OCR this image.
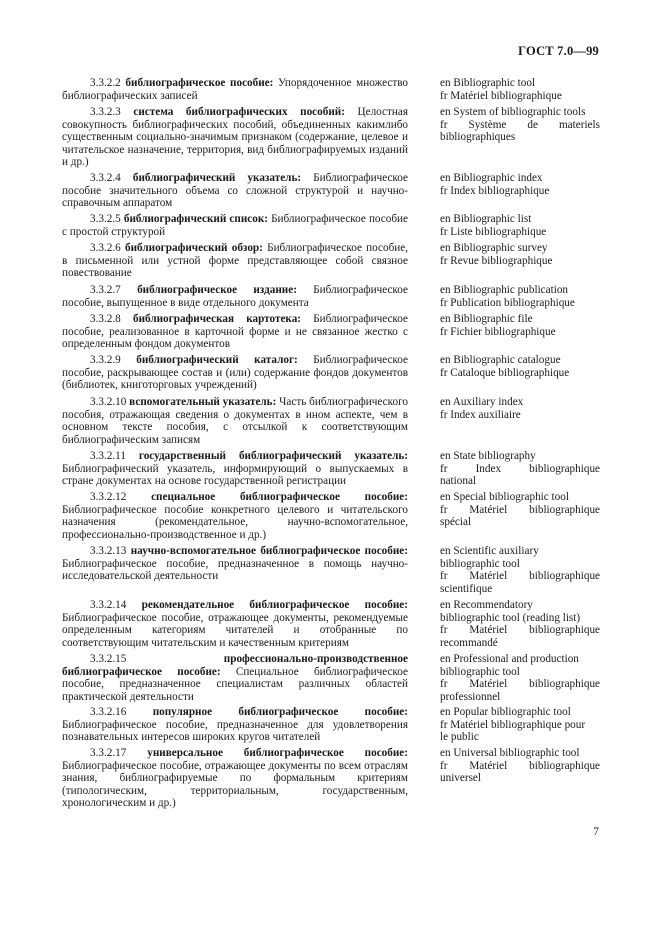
ГОСТ 7.0—99
3.3.2.2 библиографическое пособие: Упорядоченное множество библиографических записей
en Bibliographic tool
fr Matériel bibliographique
3.3.2.3 система библиографических пособий: Целостная совокупность библиографических пособий, объединенных какимлибо существенным социально-значимым признаком (содержание, целевое и читательское назначение, территория, вид библиографируемых изданий и др.)
en System of bibliographic tools
fr Système de materiels
bibliographiques
3.3.2.4 библиографический указатель: Библиографическое пособие значительного объема со сложной структурой и научно-справочным аппаратом
en Bibliographic index
fr Index bibliographique
3.3.2.5 библиографический список: Библиографическое пособие с простой структурой
en Bibliographic list
fr Liste bibliographique
3.3.2.6 библиографический обзор: Библиографическое пособие, в письменной или устной форме представляющее собой связное повествование
en Bibliographic survey
fr Revue bibliographique
3.3.2.7 библиографическое издание: Библиографическое пособие, выпущенное в виде отдельного документа
en Bibliographic publication
fr Publication bibliographique
3.3.2.8 библиографическая картотека: Библиографическое пособие, реализованное в карточной форме и не связанное жестко с определенным фондом документов
en Bibliographic file
fr Fichier bibliographique
3.3.2.9 библиографический каталог: Библиографическое пособие, раскрывающее состав и (или) содержание фондов документов (библиотек, книготорговых учреждений)
en Bibliographic catalogue
fr Cataloque bibliographique
3.3.2.10 вспомогательный указатель: Часть библиографического пособия, отражающая сведения о документах в ином аспекте, чем в основном тексте пособия, с отсылкой к соответствующим библиографическим записям
en Auxiliary index
fr Index auxiliaire
3.3.2.11 государственный библиографический указатель: Библиографический указатель, информирующий о выпускаемых в стране документах на основе государственной регистрации
en State bibliography
fr Index bibliographique
national
3.3.2.12 специальное библиографическое пособие: Библиографическое пособие конкретного целевого и читательского назначения (рекомендательное, научно-вспомогательное, профессионально-производственное и др.)
en Special bibliographic tool
fr Matériel bibliographique
spécial
3.3.2.13 научно-вспомогательное библиографическое пособие: Библиографическое пособие, предназначенное в помощь научно-исследовательской деятельности
en Scientific auxiliary
bibliographic tool
fr Matériel bibliographique
scientifique
3.3.2.14 рекомендательное библиографическое пособие: Библиографическое пособие, отражающее документы, рекомендуемые определенным категориям читателей и отобранные по соответствующим читательским и качественным критериям
en Recommendatory
bibliographic tool (reading list)
fr Matériel bibliographique
recommandé
3.3.2.15	профессионально-производственное библиографическое пособие: Специальное библиографическое пособие, предназначенное специалистам различных областей практической деятельности
en Professional and production
bibliographic tool
fr Matériel bibliographique
professionnel
3.3.2.16 популярное библиографическое пособие: Библиографическое пособие, предназначенное для удовлетворения познавательных интересов широких кругов читателей
en Popular bibliographic tool
fr Matériel bibliographique pour
le public
3.3.2.17 универсальное библиографическое пособие: Библиографическое пособие, отражающее документы по всем отраслям знания, библиографируемые по формальным критериям (типологическим, территориальным, государственным, хронологическим и др.)
en Universal bibliographic tool
fr Matériel bibliographique
universel
7
